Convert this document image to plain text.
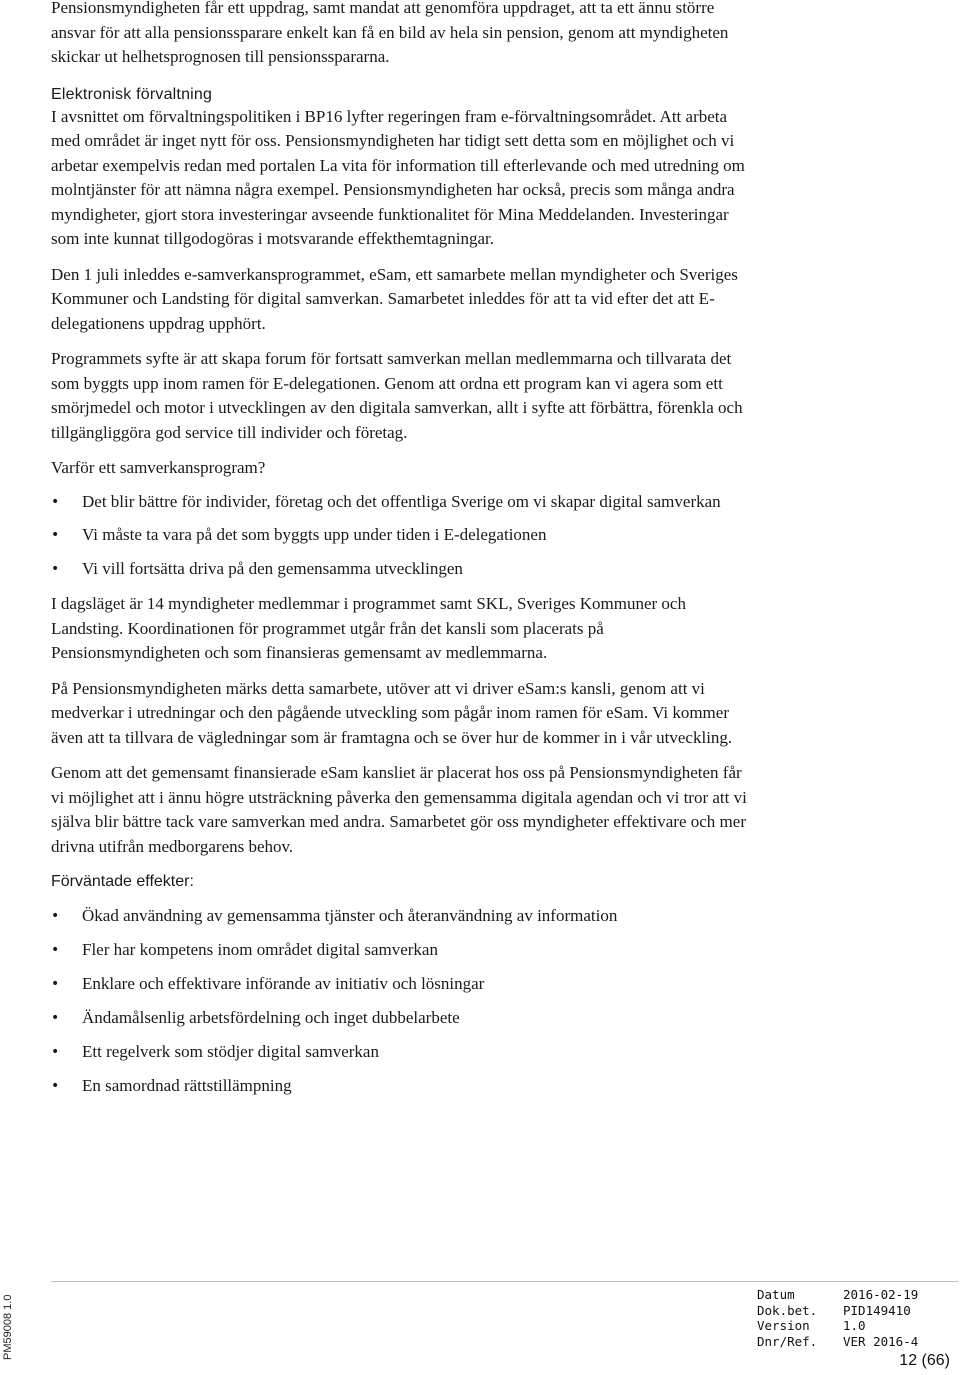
Pensionsmyndigheten får ett uppdrag, samt mandat att genomföra uppdraget, att ta ett ännu större ansvar för att alla pensionssparare enkelt kan få en bild av hela sin pension, genom att myndigheten skickar ut helhetsprognosen till pensionsspararna.

Elektronisk förvaltning

I avsnittet om förvaltningspolitiken i BP16 lyfter regeringen fram e-förvaltningsområdet. Att arbeta med området är inget nytt för oss. Pensionsmyndigheten har tidigt sett detta som en möjlighet och vi arbetar exempelvis redan med portalen La vita för information till efterlevande och med utredning om molntjänster för att nämna några exempel. Pensionsmyndigheten har också, precis som många andra myndigheter, gjort stora investeringar avseende funktionalitet för Mina Meddelanden. Investeringar som inte kunnat tillgodogöras i motsvarande effekthemtagningar.

Den 1 juli inleddes e-samverkansprogrammet, eSam, ett samarbete mellan myndigheter och Sveriges Kommuner och Landsting för digital samverkan. Samarbetet inleddes för att ta vid efter det att E-delegationens uppdrag upphört.

Programmets syfte är att skapa forum för fortsatt samverkan mellan medlemmarna och tillvarata det som byggts upp inom ramen för E-delegationen. Genom att ordna ett program kan vi agera som ett smörjmedel och motor i utvecklingen av den digitala samverkan, allt i syfte att förbättra, förenkla och tillgängliggöra god service till individer och företag.

Varför ett samverkansprogram?

• Det blir bättre för individer, företag och det offentliga Sverige om vi skapar digital samverkan
• Vi måste ta vara på det som byggts upp under tiden i E-delegationen
• Vi vill fortsätta driva på den gemensamma utvecklingen

I dagsläget är 14 myndigheter medlemmar i programmet samt SKL, Sveriges Kommuner och Landsting. Koordinationen för programmet utgår från det kansli som placerats på Pensionsmyndigheten och som finansieras gemensamt av medlemmarna.

På Pensionsmyndigheten märks detta samarbete, utöver att vi driver eSam:s kansli, genom att vi medverkar i utredningar och den pågående utveckling som pågår inom ramen för eSam. Vi kommer även att ta tillvara de vägledningar som är framtagna och se över hur de kommer in i vår utveckling.

Genom att det gemensamt finansierade eSam kansliet är placerat hos oss på Pensionsmyndigheten får vi möjlighet att i ännu högre utsträckning påverka den gemensamma digitala agendan och vi tror att vi själva blir bättre tack vare samverkan med andra. Samarbetet gör oss myndigheter effektivare och mer drivna utifrån medborgarens behov.

Förväntade effekter:

• Ökad användning av gemensamma tjänster och återanvändning av information
• Fler har kompetens inom området digital samverkan
• Enklare och effektivare införande av initiativ och lösningar
• Ändamålsenlig arbetsfördelning och inget dubbelarbete
• Ett regelverk som stödjer digital samverkan
• En samordnad rättstillämpning
PM59008 1.0
Datum	2016-02-19
Dok.bet.	PID149410
Version	1.0
Dnr/Ref.	VER 2016-4
12 (66)
